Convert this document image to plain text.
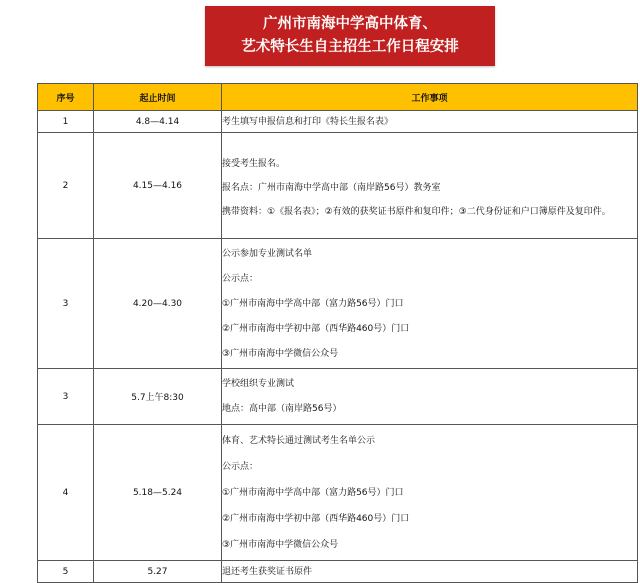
广州市南海中学高中体育、
艺术特长生自主招生工作日程安排
序号	起止时间	工作事项
1	4.8—4.14	考生填写申报信息和打印《特长生报名表》

2	4.15—4.16	接受考生报名。
报名点：广州市南海中学高中部（南岸路56号）教务室
携带资料：①《报名表》；②有效的获奖证书原件和复印件；③二代身份证和户口簿原件及复印件。

3	4.20—4.30	公示参加专业测试名单
公示点：
①广州市南海中学高中部（富力路56号）门口
②广州市南海中学初中部（西华路460号）门口
③广州市南海中学微信公众号

3	5.7上午8:30	学校组织专业测试
地点：高中部（南岸路56号）

4	5.18—5.24	体育、艺术特长通过测试考生名单公示
公示点：
①广州市南海中学高中部（富力路56号）门口
②广州市南海中学初中部（西华路460号）门口
③广州市南海中学微信公众号

5	5.27	退还考生获奖证书原件
